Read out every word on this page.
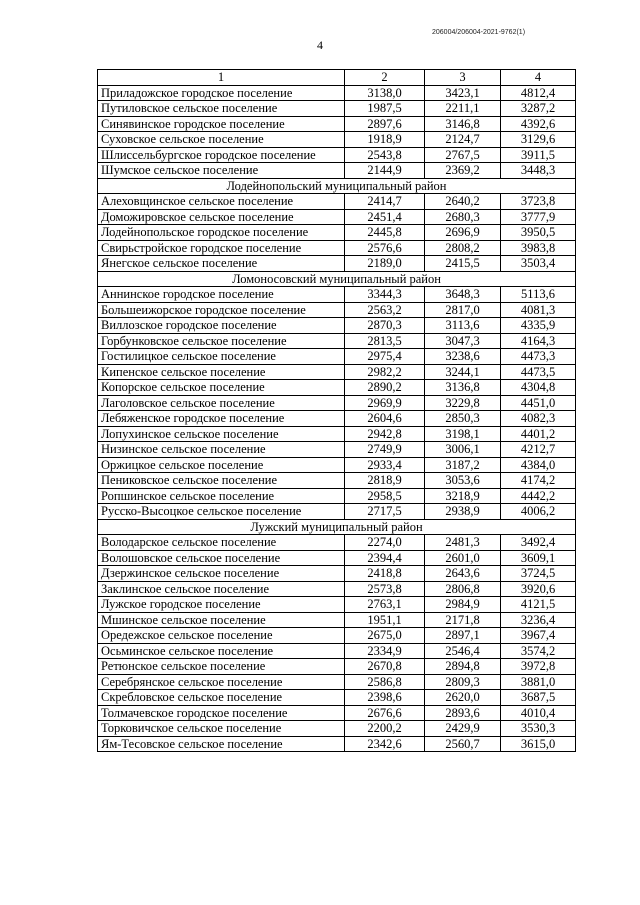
4
206004/206004-2021-9762(1)
1	2	3	4
Приладожское городское поселение	3138,0	3423,1	4812,4
Путиловское сельское поселение	1987,5	2211,1	3287,2
Синявинское городское поселение	2897,6	3146,8	4392,6
Суховское сельское поселение	1918,9	2124,7	3129,6
Шлиссельбургское городское поселение	2543,8	2767,5	3911,5
Шумское сельское поселение	2144,9	2369,2	3448,3
Лодейнопольский муниципальный район			
Алеховщинское сельское поселение	2414,7	2640,2	3723,8
Доможировское сельское поселение	2451,4	2680,3	3777,9
Лодейнопольское городское поселение	2445,8	2696,9	3950,5
Свирьстройское городское поселение	2576,6	2808,2	3983,8
Янегское сельское поселение	2189,0	2415,5	3503,4
Ломоносовский муниципальный район			
Аннинское городское поселение	3344,3	3648,3	5113,6
Большеижорское городское поселение	2563,2	2817,0	4081,3
Виллозское городское поселение	2870,3	3113,6	4335,9
Горбунковское сельское поселение	2813,5	3047,3	4164,3
Гостилицкое сельское поселение	2975,4	3238,6	4473,3
Кипенское сельское поселение	2982,2	3244,1	4473,5
Копорское сельское поселение	2890,2	3136,8	4304,8
Лаголовское сельское поселение	2969,9	3229,8	4451,0
Лебяженское городское поселение	2604,6	2850,3	4082,3
Лопухинское сельское поселение	2942,8	3198,1	4401,2
Низинское сельское поселение	2749,9	3006,1	4212,7
Оржицкое сельское поселение	2933,4	3187,2	4384,0
Пениковское сельское поселение	2818,9	3053,6	4174,2
Ропшинское сельское поселение	2958,5	3218,9	4442,2
Русско-Высоцкое сельское поселение	2717,5	2938,9	4006,2
Лужский муниципальный район			
Володарское сельское поселение	2274,0	2481,3	3492,4
Волошовское сельское поселение	2394,4	2601,0	3609,1
Дзержинское сельское поселение	2418,8	2643,6	3724,5
Заклинское сельское поселение	2573,8	2806,8	3920,6
Лужское городское поселение	2763,1	2984,9	4121,5
Мшинское сельское поселение	1951,1	2171,8	3236,4
Оредежское сельское поселение	2675,0	2897,1	3967,4
Осьминское сельское поселение	2334,9	2546,4	3574,2
Ретюнское сельское поселение	2670,8	2894,8	3972,8
Серебрянское сельское поселение	2586,8	2809,3	3881,0
Скребловское сельское поселение	2398,6	2620,0	3687,5
Толмачевское городское поселение	2676,6	2893,6	4010,4
Торковичское сельское поселение	2200,2	2429,9	3530,3
Ям-Тесовское сельское поселение	2342,6	2560,7	3615,0
